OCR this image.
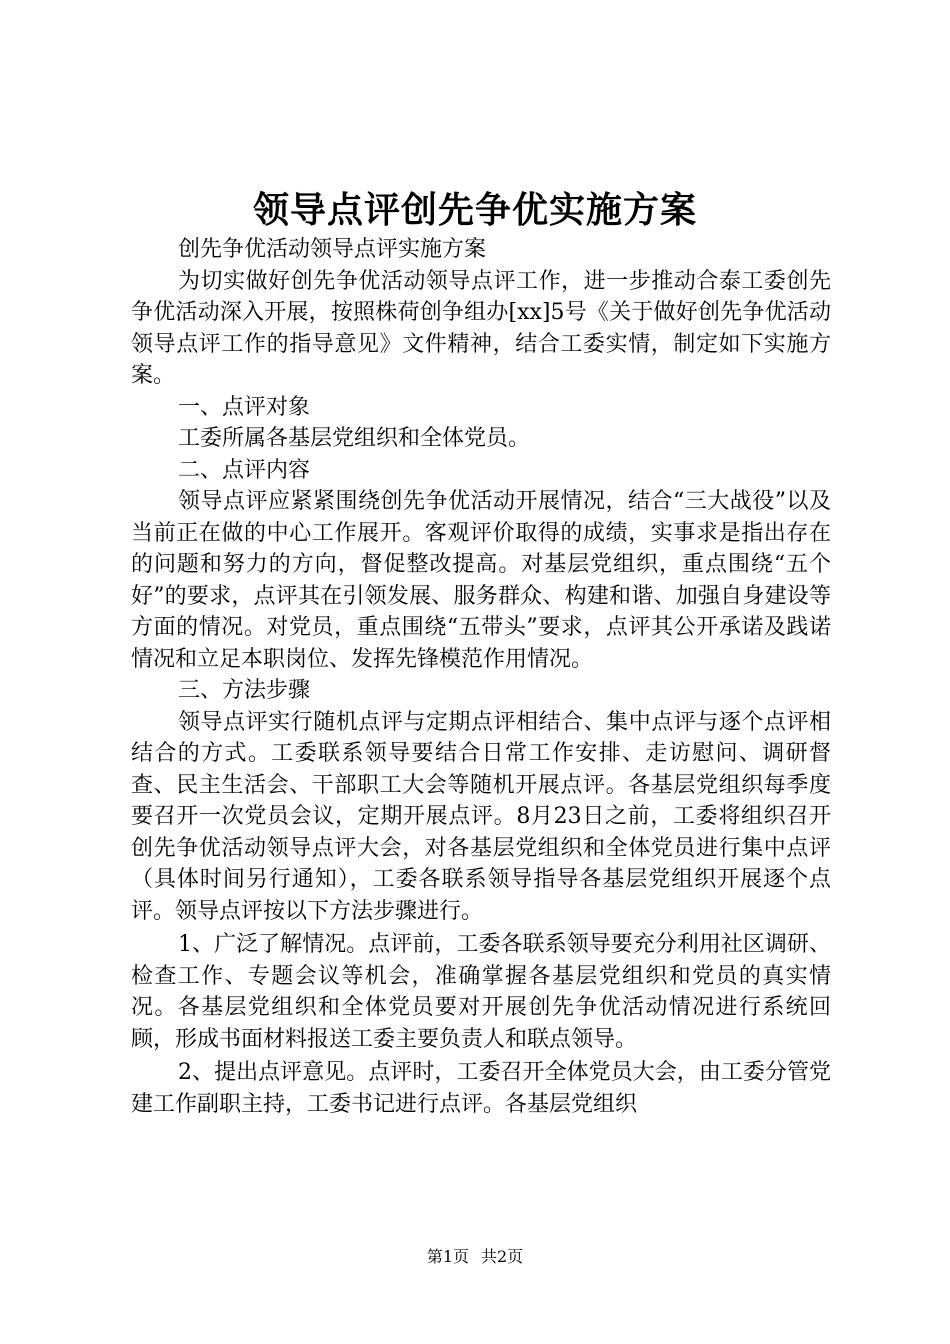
领导点评创先争优实施方案

创先争优活动领导点评实施方案

为切实做好创先争优活动领导点评工作，进一步推动合泰工委创先争优活动深入开展，按照株荷创争组办[xx]5号《关于做好创先争优活动领导点评工作的指导意见》文件精神，结合工委实情，制定如下实施方案。

一、点评对象

工委所属各基层党组织和全体党员。

二、点评内容

领导点评应紧紧围绕创先争优活动开展情况，结合“三大战役”以及当前正在做的中心工作展开。客观评价取得的成绩，实事求是指出存在的问题和努力的方向，督促整改提高。对基层党组织，重点围绕“五个好”的要求，点评其在引领发展、服务群众、构建和谐、加强自身建设等方面的情况。对党员，重点围绕“五带头”要求，点评其公开承诺及践诺情况和立足本职岗位、发挥先锋模范作用情况。

三、方法步骤

领导点评实行随机点评与定期点评相结合、集中点评与逐个点评相结合的方式。工委联系领导要结合日常工作安排、走访慰问、调研督查、民主生活会、干部职工大会等随机开展点评。各基层党组织每季度要召开一次党员会议，定期开展点评。8月23日之前，工委将组织召开创先争优活动领导点评大会，对各基层党组织和全体党员进行集中点评（具体时间另行通知），工委各联系领导指导各基层党组织开展逐个点评。领导点评按以下方法步骤进行。

1、广泛了解情况。点评前，工委各联系领导要充分利用社区调研、检查工作、专题会议等机会，准确掌握各基层党组织和党员的真实情况。各基层党组织和全体党员要对开展创先争优活动情况进行系统回顾，形成书面材料报送工委主要负责人和联点领导。

2、提出点评意见。点评时，工委召开全体党员大会，由工委分管党建工作副职主持，工委书记进行点评。各基层党组织

第1页 共2页
